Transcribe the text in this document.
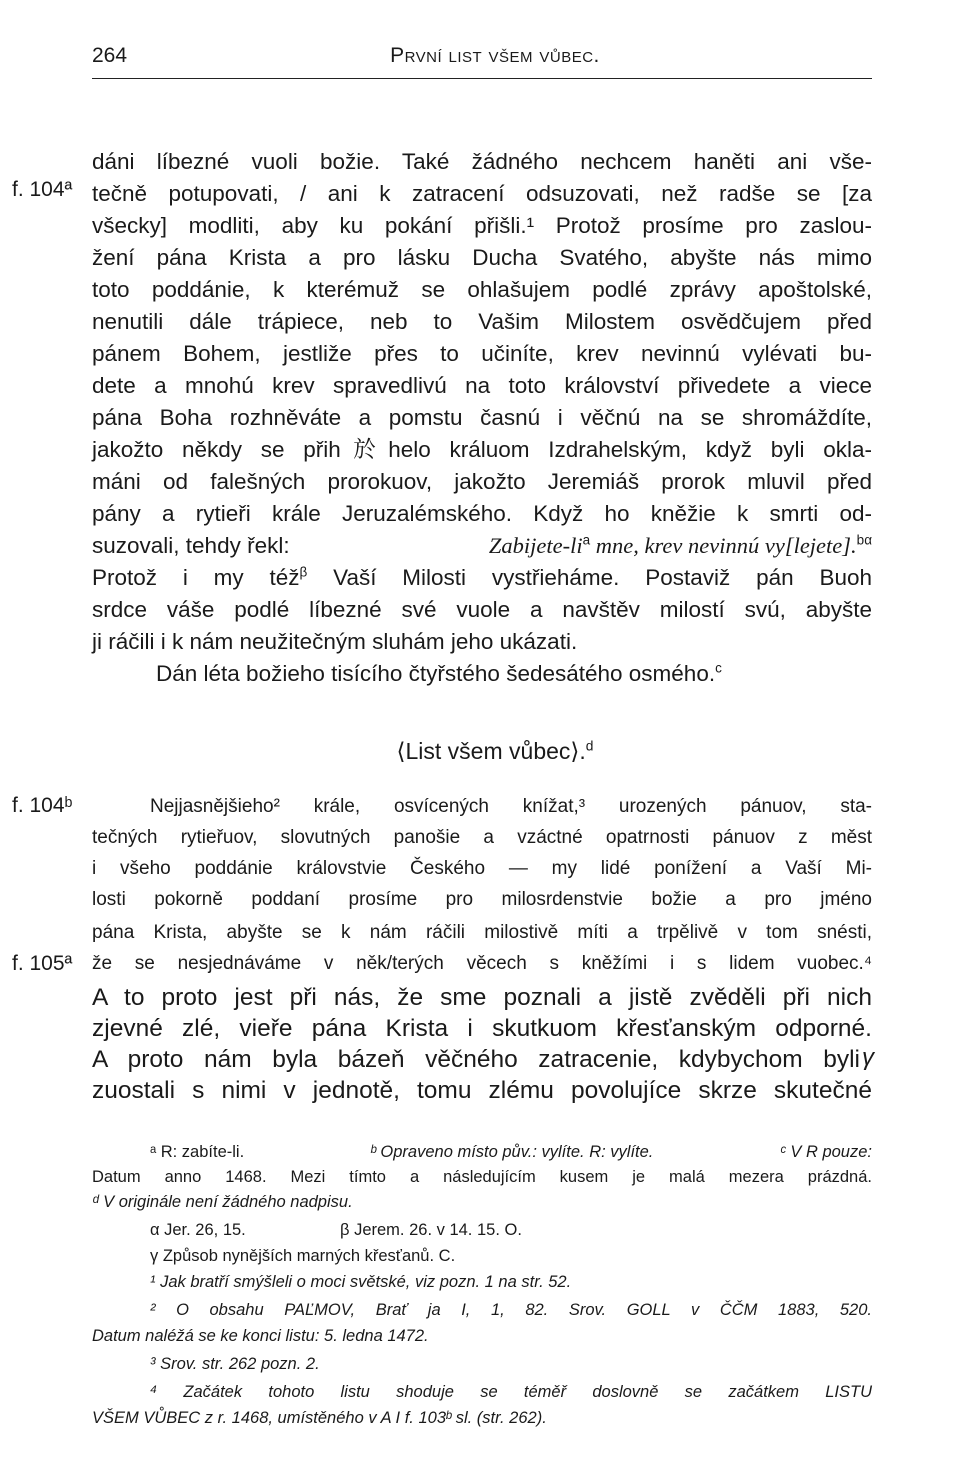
264	První list všem vůbec.
f. 104ª
f. 104ᵇ
f. 105ª
dáni líbezné vuoli božie. Také žádného nechcem haněti ani vše-
tečně potupovati, / ani k zatracení odsuzovati, než radše se [za
všecky] modliti, aby ku pokání přišli.¹ Protož prosíme pro zaslou-
žení pána Krista a pro lásku Ducha Svatého, abyšte nás mimo
toto poddánie, k kterémuž se ohlašujem podlé zprávy apoštolské,
nenutili dále trápiece, neb to Vašim Milostem osvědčujem před
pánem Bohem, jestliže přes to učiníte, krev nevinnú vylévati bu-
dete a mnohú krev spravedlivú na toto království přivedete a viece
pána Boha rozhněváte a pomstu časnú i věčnú na se shromáždíte,
jakožto někdy se přih於helo králuom Izdrahelským, když byli okla-
máni od falešných prorokuov, jakožto Jeremiáš prorok mluvil před
pány a rytieři krále Jeruzalémského. Když ho kněžie k smrti od-
suzovali, tehdy řekl:	Zabijete-$li^a$ mne, krev nevinnú vy[lejete].$^{b\alpha}$
Protož i my též$^\beta$ Vaší Milosti vystřieháme. Postaviž pán Buoh
srdce váše podlé líbezné své vuole a navštěv milostí svú, abyšte
ji ráčili i k nám neužitečným sluhám jeho ukázati.
Dán léta božieho tisícího čtyřstého šedesátého osmého.$^c$
⟨List všem vůbec⟩.$^d$
Nejjasnějšieho² krále, osvícených knížat,³ urozených pánuov, sta-
tečných rytieřuov, slovutných panošie a vzáctné opatrnosti pánuov z měst
i všeho poddánie královstvie Českého — my lidé ponížení a Vaší Mi-
losti pokorně poddaní prosíme pro milosrdenstvie božie a pro jméno
pána Krista, abyšte se k nám ráčili milostivě míti a trpělivě v tom snésti,
že se nesjednáváme v něk/terých věcech s kněžími i s lidem vuobec.⁴
A to proto jest při nás, že sme poznali a jistě zvěděli při nich
zjevné zlé, vieře pána Krista i skutkuom křesťanským odporné.
A proto nám byla bázeň věčného zatracenie, kdybychom byli γ
zuostali s nimi v jednotě, tomu zlému povolujíce skrze skutečné
ᵃ R: zabíte-li.	ᵇ Opraveno místo pův.: vylíte. R: vylíte.	ᶜ V R pouze:
Datum anno 1468. Mezi tímto a následujícím kusem je malá mezera prázdná.
ᵈ V originále není žádného nadpisu.
α Jer. 26, 15.	β Jerem. 26. v 14. 15. O.
γ Způsob nynějších marných křesťanů. C.
¹ Jak bratří smýšleli o moci světské, viz pozn. 1 na str. 52.
² O obsahu PAĽMOV, Brať ja I, 1, 82. Srov. GOLL v ČČM 1883, 520.
Datum naléžá se ke konci listu: 5. ledna 1472.
³ Srov. str. 262 pozn. 2.
⁴ Začátek tohoto listu shoduje se téměř doslovně se začátkem LISTU
VŠEM VŮBEC z r. 1468, umístěného v A I f. 103ᵇ sl. (str. 262).
